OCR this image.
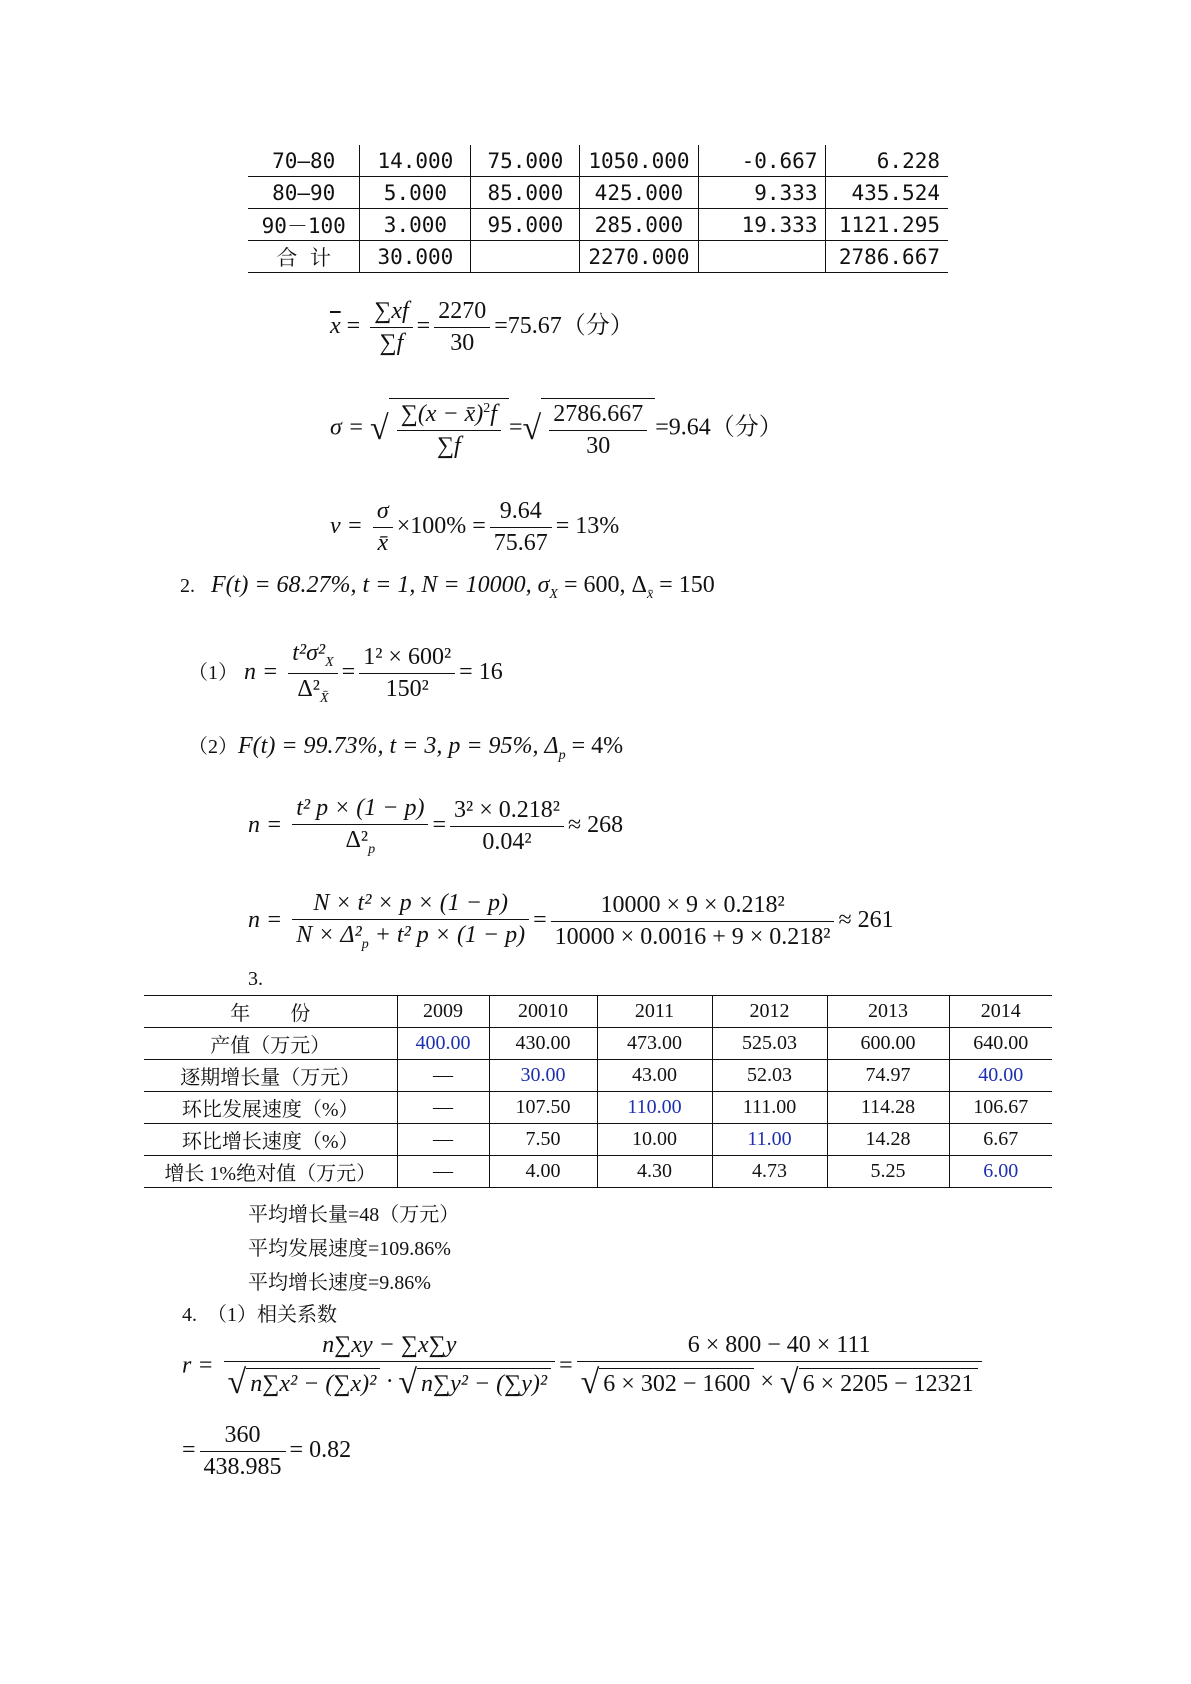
70—80	14.000	75.000	1050.000	-0.667	6.228
80—90	5.000	85.000	425.000	9.333	435.524
90－100	3.000	95.000	285.000	19.333	1121.295
合 计	30.000		2270.000		2786.667
$\overline{x} = \frac{\sum xf}{\sum f} = \frac{2270}{30} =75.67$（分）
σ = √ $\frac{\sum(x - x̄)^2f}{\sum f}$ =√ $\frac{2786.667}{30} =9.64$（分）
$v = \frac{\sigma}{x̄} \times 100\% = \frac{9.64}{75.67} = 13\%$
2. F(t) = 68.27%, t = 1, N = 10000, $\sigma_X = 600$, $\Delta_{x̄} = 150$
（1） $n = \frac{t^2\sigma^2_X}{\Delta^2_{X̄}} = \frac{\text{1² × 600²}}{\text{150²}} = 16$
（2）F(t) = 99.73%, t = 3, p = 95%, $\Delta_p = 4\%$
$n = \frac{\text{t² p × (1 − p)}}{\Delta^2_p} = \frac{\text{3² × 0.218²}}{\text{0.04²}} \approx 268$
$n = \frac{\text{N × t² × p × (1 − p)}}{N \times \Delta^2_p + t^2 p \times (1 - p)} = \frac{\text{10000 × 9 × 0.218²}}{\text{10000 × 0.0016 + 9 × 0.218²}} \approx 261$
3.
年　　份	2009	20010	2011	2012	2013	2014
产值（万元）	400.00	430.00	473.00	525.03	600.00	640.00
逐期增长量（万元）	—	30.00	43.00	52.03	74.97	40.00
环比发展速度（%）	—	107.50	110.00	111.00	114.28	106.67
环比增长速度（%）	—	7.50	10.00	11.00	14.28	6.67
增长 1%绝对值（万元）	—	4.00	4.30	4.73	5.25	6.00
平均增长量=48（万元）
平均发展速度=109.86%
平均增长速度=9.86%
4. （1）相关系数
$r = \frac{n\sum xy - \sum x\sum y}{\text{√ n∑x² − (∑x)² · √ n∑y² − (∑y)²}} = \frac{6 \times 800 - 40 \times 111}{√ 6 \times 302 - 1600 \times √ 6 \times 2205 - 12321}$
= $\frac{360}{438.985} = 0.82$
